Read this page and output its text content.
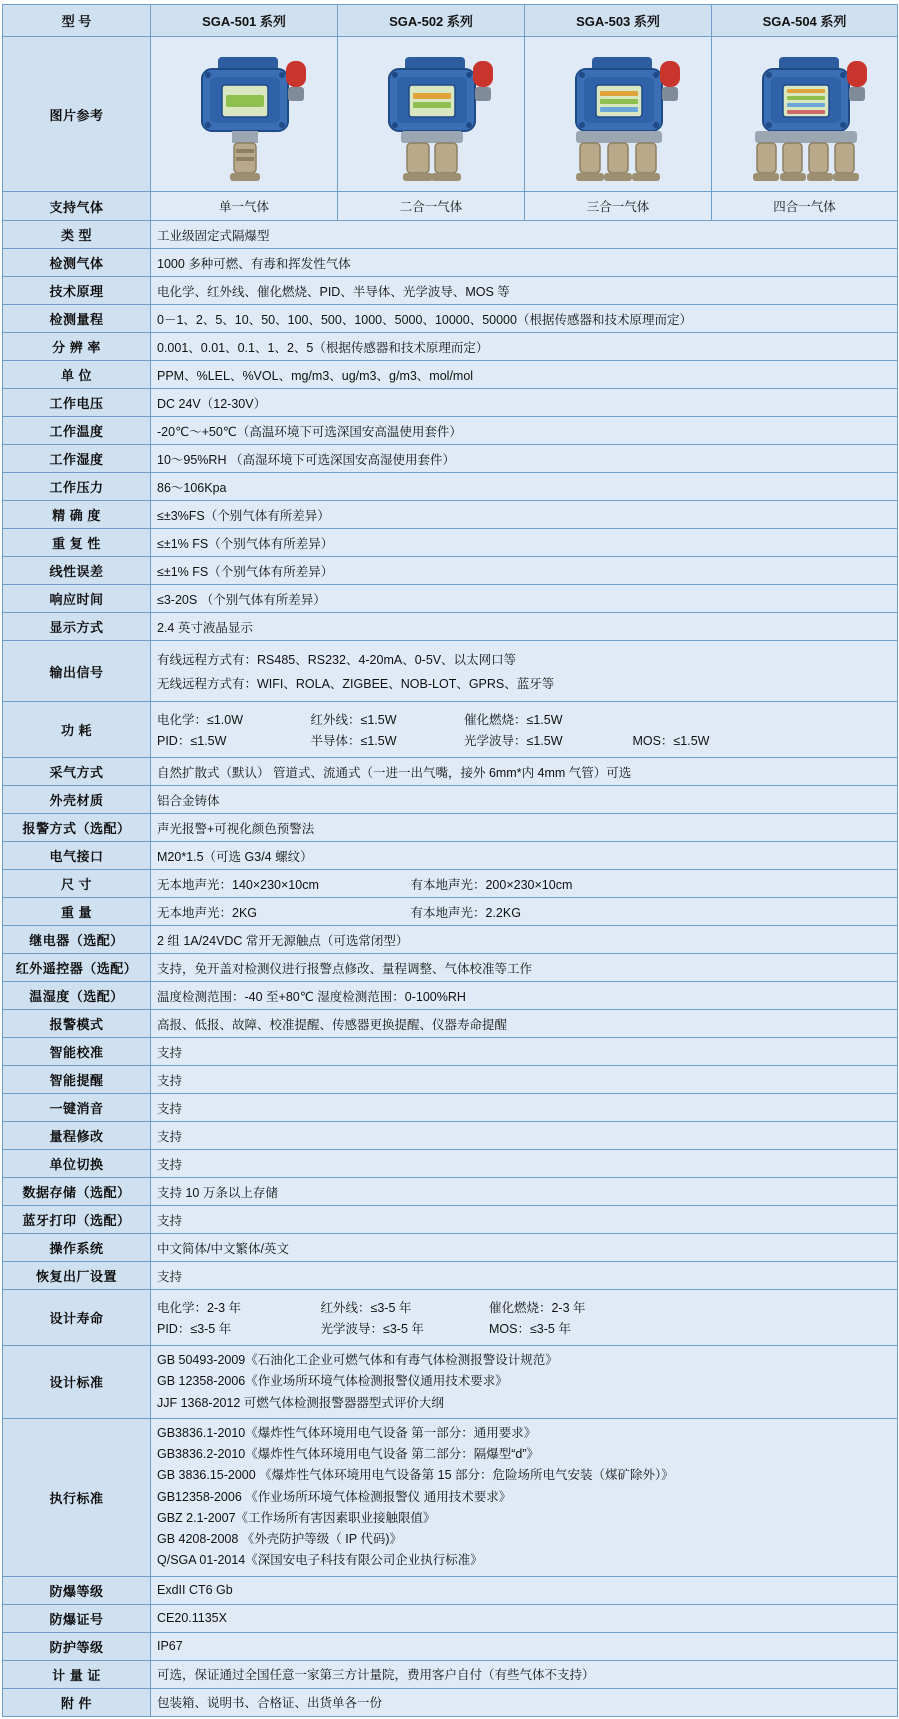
型 号	SGA-501 系列	SGA-502 系列	SGA-503 系列	SGA-504 系列
图片参考	

支持气体	单一气体	二合一气体	三合一气体	四合一气体
类 型	工业级固定式隔爆型			
检测气体	1000 多种可燃、有毒和挥发性气体			
技术原理	电化学、红外线、催化燃烧、PID、半导体、光学波导、MOS 等			
检测量程	0－1、2、5、10、50、100、500、1000、5000、10000、50000（根据传感器和技术原理而定）			
分 辨 率	0.001、0.01、0.1、1、2、5（根据传感器和技术原理而定）			
单 位	PPM、%LEL、%VOL、mg/m3、ug/m3、g/m3、mol/mol			
工作电压	DC 24V（12-30V）			
工作温度	-20℃～+50℃（高温环境下可选深国安高温使用套件）			
工作湿度	10～95%RH （高湿环境下可选深国安高湿使用套件）			
工作压力	86～106Kpa			
精 确 度	≤±3%FS（个别气体有所差异）			
重 复 性	≤±1% FS（个别气体有所差异）			
线性误差	≤±1% FS（个别气体有所差异）			
响应时间	≤3-20S （个别气体有所差异）			
显示方式	2.4 英寸液晶显示			
输出信号	有线远程方式有：RS485、RS232、4-20mA、0-5V、以太网口等
无线远程方式有：WIFI、ROLA、ZIGBEE、NOB-LOT、GPRS、蓝牙等			

功 耗	电化学：≤1.0W 红外线：≤1.5W 催化燃烧：≤1.5W
PID：≤1.5W 半导体：≤1.5W 光学波导：≤1.5W MOS：≤1.5W			

采气方式	自然扩散式（默认） 管道式、流通式（一进一出气嘴，接外 6mm*内 4mm 气管）可选			
外壳材质	铝合金铸体			
报警方式（选配）	声光报警+可视化颜色预警法			
电气接口	M20*1.5（可选 G3/4 螺纹）			
尺 寸	无本地声光：140×230×10cm 有本地声光：200×230×10cm			
重 量	无本地声光：2KG 有本地声光：2.2KG			
继电器（选配）	2 组 1A/24VDC 常开无源触点（可选常闭型）			
红外遥控器（选配）	支持，免开盖对检测仪进行报警点修改、量程调整、气体校准等工作			
温湿度（选配）	温度检测范围：-40 至+80℃ 湿度检测范围：0-100%RH			
报警模式	高报、低报、故障、校准提醒、传感器更换提醒、仪器寿命提醒			
智能校准	支持			
智能提醒	支持			
一键消音	支持			
量程修改	支持			
单位切换	支持			
数据存储（选配）	支持 10 万条以上存储			
蓝牙打印（选配）	支持			
操作系统	中文简体/中文繁体/英文			
恢复出厂设置	支持			
设计寿命	电化学：2-3 年 红外线：≤3-5 年 催化燃烧：2-3 年
PID：≤3-5 年 光学波导：≤3-5 年 MOS：≤3-5 年			

设计标准	GB 50493-2009《石油化工企业可燃气体和有毒气体检测报警设计规范》
GB 12358-2006《作业场所环境气体检测报警仪通用技术要求》
JJF 1368-2012 可燃气体检测报警器器型式评价大纲			

执行标准	
GB3836.1-2010《爆炸性气体环境用电气设备 第一部分：通用要求》
GB3836.2-2010《爆炸性气体环境用电气设备 第二部分：隔爆型“d”》
GB 3836.15-2000 《爆炸性气体环境用电气设备第 15 部分：危险场所电气安装（煤矿除外）》
GB12358-2006 《作业场所环境气体检测报警仪 通用技术要求》
GBZ 2.1-2007《工作场所有害因素职业接触限值》
GB 4208-2008 《外壳防护等级（ IP 代码)》
Q/SGA 01-2014《深国安电子科技有限公司企业执行标准》

防爆等级	ExdII CT6 Gb			
防爆证号	CE20.1135X			
防护等级	IP67			
计 量 证	可选，保证通过全国任意一家第三方计量院，费用客户自付（有些气体不支持）			
附 件	包装箱、说明书、合格证、出货单各一份			
